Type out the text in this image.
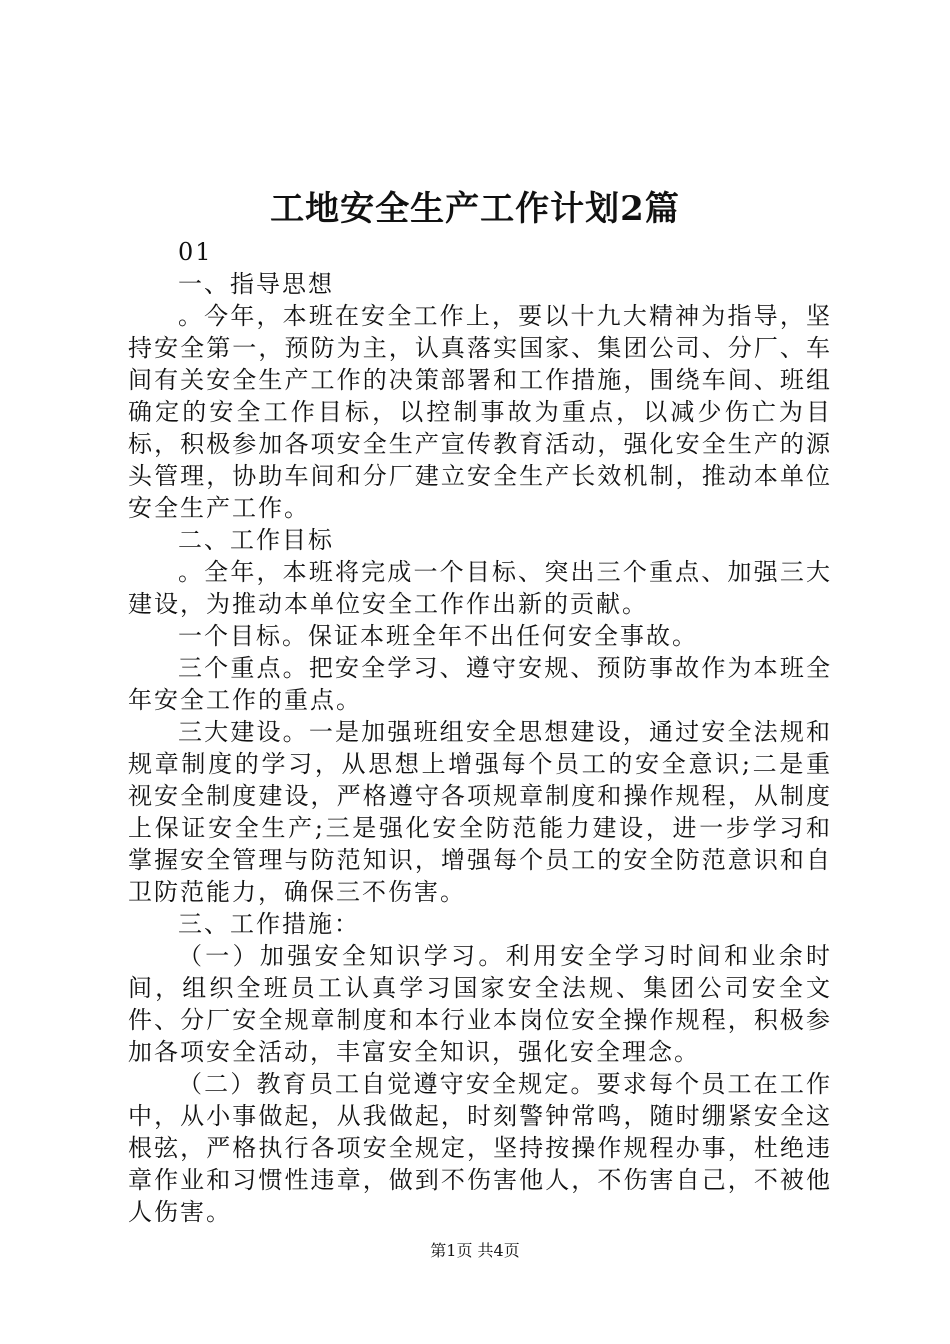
工地安全生产工作计划2篇

01

一、指导思想

。今年，本班在安全工作上，要以十九大精神为指导，坚持安全第一，预防为主，认真落实国家、集团公司、分厂、车间有关安全生产工作的决策部署和工作措施，围绕车间、班组确定的安全工作目标，以控制事故为重点，以减少伤亡为目标，积极参加各项安全生产宣传教育活动，强化安全生产的源头管理，协助车间和分厂建立安全生产长效机制，推动本单位安全生产工作。

二、工作目标

。全年，本班将完成一个目标、突出三个重点、加强三大建设，为推动本单位安全工作作出新的贡献。

一个目标。保证本班全年不出任何安全事故。

三个重点。把安全学习、遵守安规、预防事故作为本班全年安全工作的重点。

三大建设。一是加强班组安全思想建设，通过安全法规和规章制度的学习，从思想上增强每个员工的安全意识;二是重视安全制度建设，严格遵守各项规章制度和操作规程，从制度上保证安全生产;三是强化安全防范能力建设，进一步学习和掌握安全管理与防范知识，增强每个员工的安全防范意识和自卫防范能力，确保三不伤害。

三、工作措施：

（一）加强安全知识学习。利用安全学习时间和业余时间，组织全班员工认真学习国家安全法规、集团公司安全文件、分厂安全规章制度和本行业本岗位安全操作规程，积极参加各项安全活动，丰富安全知识，强化安全理念。

（二）教育员工自觉遵守安全规定。要求每个员工在工作中，从小事做起，从我做起，时刻警钟常鸣，随时绷紧安全这根弦，严格执行各项安全规定，坚持按操作规程办事，杜绝违章作业和习惯性违章，做到不伤害他人，不伤害自己，不被他人伤害。

第1页 共4页
